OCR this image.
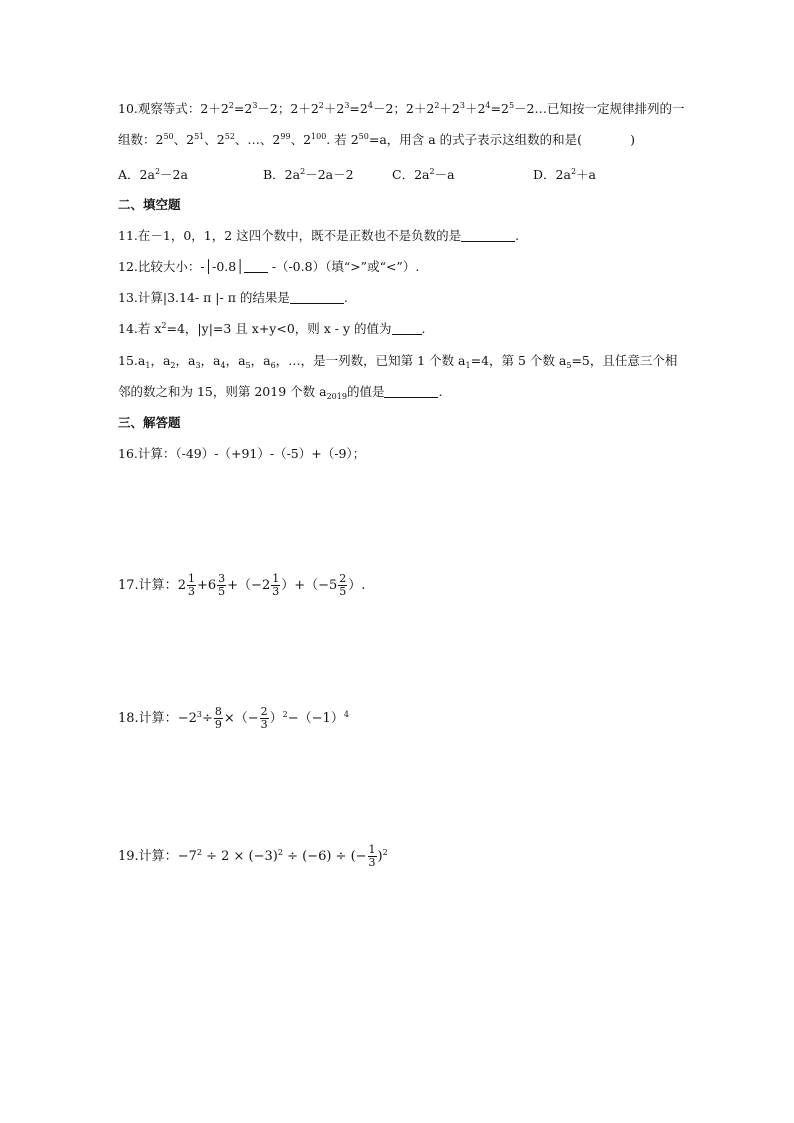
10.观察等式：$2+2^2=2^3-2$；$2+2^2+2^3=2^4-2$；$2+2^2+2^3+2^4=2^5-2\dots$已知按一定规律排列的一
组数：$2^{50}$、$2^{51}$、$2^{52}$、…、$2^{99}$、$2^{100}$. 若 $2^{50}=a$，用含 a 的式子表示这组数的和是(	)
A．$2a^2-2a$	B．$2a^2-2a-2$	C．$2a^2-a$	D．$2a^2+a$
二、填空题
11.在－1，0，1，2 这四个数中，既不是正数也不是负数的是	.
12.比较大小：-│-0.8│ -（-0.8）（填“>”或“<”）.
13.计算|3.14- π |- π 的结果是	.
14.若 $x^2=4$，|y|=3 且 x+y<0，则 x - y 的值为 .
$15.a_1$，$a_2$，$a_3$，$a_4$，$a_5$，$a_6$，…，是一列数，已知第 1 个数 $a_1=4$，第 5 个数 $a_5=5$，且任意三个相
邻的数之和为 15，则第 2019 个数 $a_{2019}$的值是	.
三、解答题
16.计算：（-49）-（+91）-（-5）+（-9）；
17.计算：$2 \frac{1}{3} +6 \frac{3}{5} +(-2 \frac{1}{3} )+(-5 \frac{2}{5}$ ）.
18.计算：$-2^3\div \frac{8}{9}$ ×（− $\frac{2}{3} )^2-(-1)^4$
19.计算：$-7^2 \div 2 \times (-3)^2 \div (-6)$ ÷ (− $\frac{1}{3} )^2$
